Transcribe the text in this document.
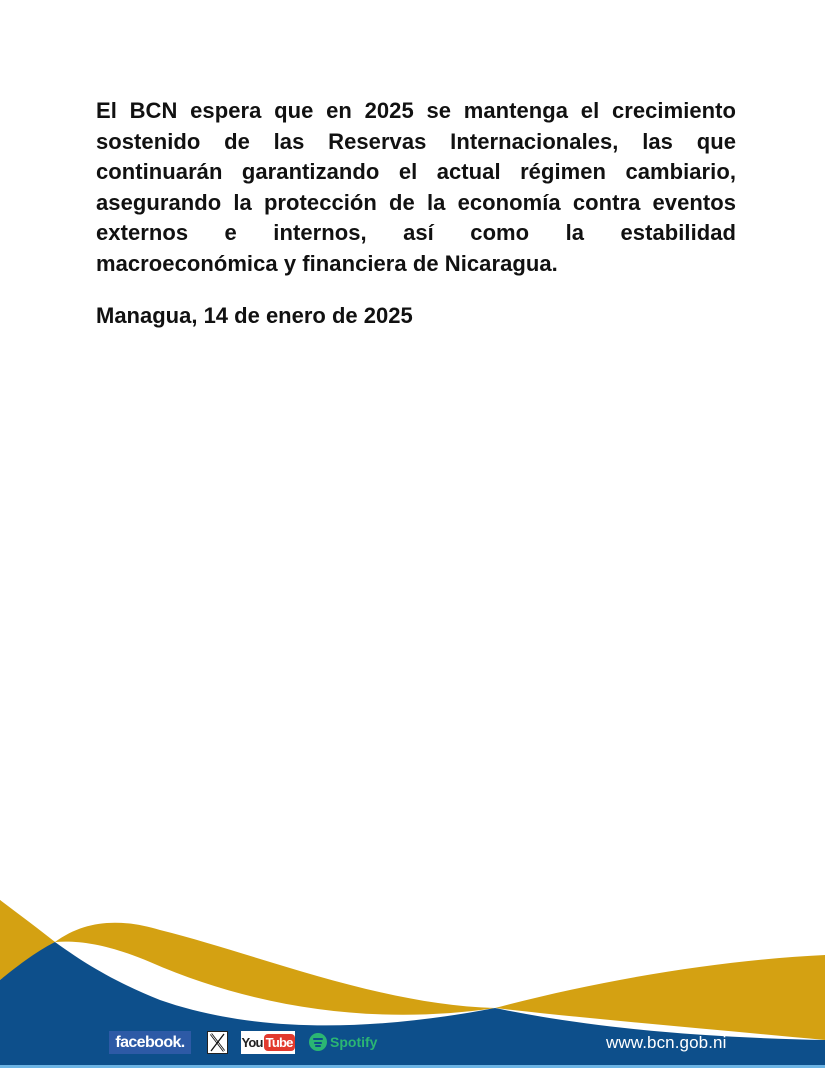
El BCN espera que en 2025 se mantenga el crecimiento sostenido de las Reservas Internacionales, las que continuarán garantizando el actual régimen cambiario, asegurando la protección de la economía contra eventos externos e internos, así como la estabilidad macroeconómica y financiera de Nicaragua.

Managua, 14 de enero de 2025

facebook.	You Tube	Spotify	www.bcn.gob.ni
